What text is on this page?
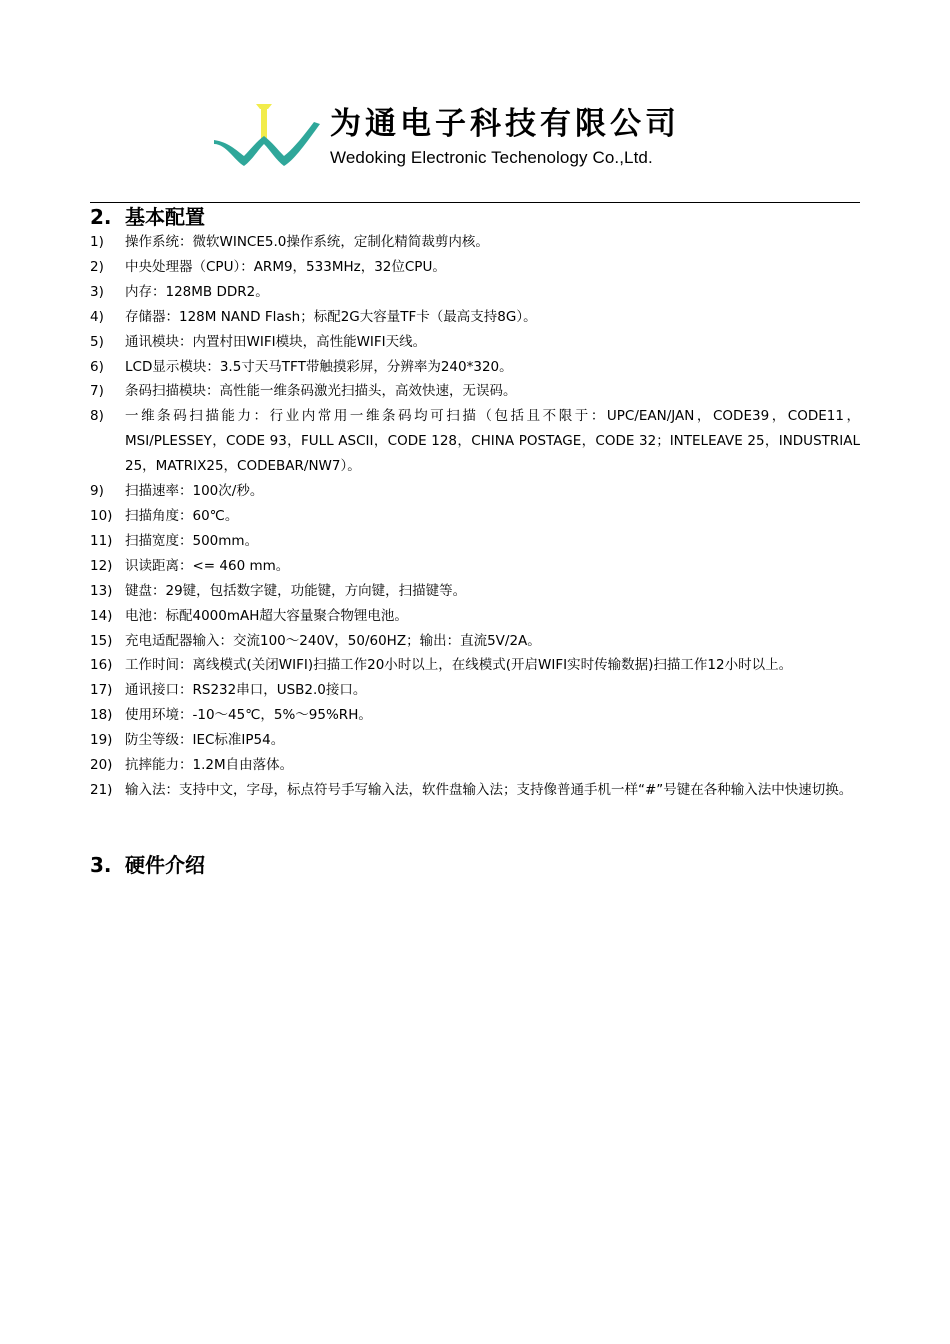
为通电子科技有限公司
Wedoking Electronic Techenology Co.,Ltd.
2. 基本配置
1)	操作系统：微软WINCE5.0操作系统，定制化精简裁剪内核。
2)	中央处理器（CPU）：ARM9，533MHz，32位CPU。
3)	内存：128MB DDR2。
4)	存储器：128M NAND Flash；标配2G大容量TF卡（最高支持8G）。
5)	通讯模块：内置村田WIFI模块，高性能WIFI天线。
6)	LCD显示模块：3.5寸天马TFT带触摸彩屏，分辨率为240*320。
7)	条码扫描模块：高性能一维条码激光扫描头，高效快速，无误码。
8)	一维条码扫描能力：行业内常用一维条码均可扫描（包括且不限于：UPC/EAN/JAN，CODE39，CODE11，MSI/PLESSEY，CODE 93，FULL ASCII，CODE 128，CHINA POSTAGE，CODE 32；INTELEAVE 25，INDUSTRIAL 25，MATRIX25，CODEBAR/NW7）。
9)	扫描速率：100次/秒。
10) 扫描角度：60℃。
11) 扫描宽度：500mm。
12) 识读距离：<= 460 mm。
13) 键盘：29键，包括数字键，功能键，方向键，扫描键等。
14) 电池：标配4000mAH超大容量聚合物锂电池。
15) 充电适配器输入：交流100～240V，50/60HZ；输出：直流5V/2A。
16) 工作时间：离线模式(关闭WIFI)扫描工作20小时以上，在线模式(开启WIFI实时传输数据)扫描工作12小时以上。
17) 通讯接口：RS232串口，USB2.0接口。
18) 使用环境：-10～45℃，5%～95%RH。
19) 防尘等级：IEC标准IP54。
20) 抗摔能力：1.2M自由落体。
21) 输入法：支持中文，字母，标点符号手写输入法，软件盘输入法；支持像普通手机一样“#”号键在各种输入法中快速切换。
3. 硬件介绍
